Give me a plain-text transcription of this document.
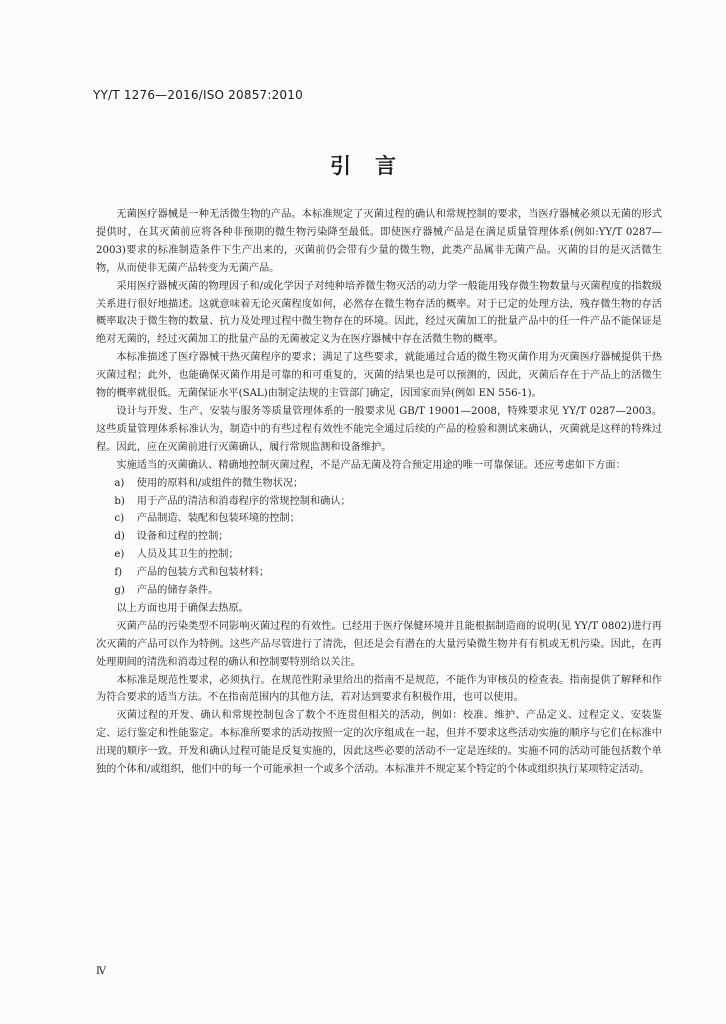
YY/T 1276—2016/ISO 20857:2010
引言

无菌医疗器械是一种无活微生物的产品。本标准规定了灭菌过程的确认和常规控制的要求，当医疗器械必须以无菌的形式提供时，在其灭菌前应将各种非预期的微生物污染降至最低。即使医疗器械产品是在满足质量管理体系(例如:YY/T 0287—2003)要求的标准制造条件下生产出来的，灭菌前仍会带有少量的微生物，此类产品属非无菌产品。灭菌的目的是灭活微生物，从而使非无菌产品转变为无菌产品。

采用医疗器械灭菌的物理因子和/或化学因子对纯种培养微生物灭活的动力学一般能用残存微生物数量与灭菌程度的指数级关系进行很好地描述。这就意味着无论灭菌程度如何，必然存在微生物存活的概率。对于已定的处理方法，残存微生物的存活概率取决于微生物的数量、抗力及处理过程中微生物存在的环境。因此，经过灭菌加工的批量产品中的任一件产品不能保证是绝对无菌的，经过灭菌加工的批量产品的无菌被定义为在医疗器械中存在活微生物的概率。

本标准描述了医疗器械干热灭菌程序的要求；满足了这些要求，就能通过合适的微生物灭菌作用为灭菌医疗器械提供干热灭菌过程；此外，也能确保灭菌作用是可靠的和可重复的，灭菌的结果也是可以预测的，因此，灭菌后存在于产品上的活微生物的概率就很低。无菌保证水平(SAL)由制定法规的主管部门确定，因国家而异(例如 EN 556-1)。

设计与开发、生产、安装与服务等质量管理体系的一般要求见 GB/T 19001—2008，特殊要求见 YY/T 0287—2003。这些质量管理体系标准认为，制造中的有些过程有效性不能完全通过后续的产品的检验和测试来确认，灭菌就是这样的特殊过程。因此，应在灭菌前进行灭菌确认，履行常规监测和设备维护。

实施适当的灭菌确认、精确地控制灭菌过程，不是产品无菌及符合预定用途的唯一可靠保证。还应考虑如下方面：

a)	使用的原料和/或组件的微生物状况；
b)	用于产品的清洁和消毒程序的常规控制和确认；
c)	产品制造、装配和包装环境的控制；
d)	设备和过程的控制；
e)	人员及其卫生的控制；
f)	产品的包装方式和包装材料；
g)	产品的储存条件。

以上方面也用于确保去热原。

灭菌产品的污染类型不同影响灭菌过程的有效性。已经用于医疗保健环境并且能根据制造商的说明(见 YY/T 0802)进行再次灭菌的产品可以作为特例。这些产品尽管进行了清洗，但还是会有潜在的大量污染微生物并有有机或无机污染。因此，在再处理期间的清洗和消毒过程的确认和控制要特别给以关注。

本标准是规范性要求，必须执行。在规范性附录里给出的指南不是规范，不能作为审核员的检查表。指南提供了解释和作为符合要求的适当方法。不在指南范围内的其他方法，若对达到要求有积极作用，也可以使用。

灭菌过程的开发、确认和常规控制包含了数个不连贯但相关的活动，例如：校准、维护、产品定义、过程定义、安装鉴定、运行鉴定和性能鉴定。本标准所要求的活动按照一定的次序组成在一起，但并不要求这些活动实施的顺序与它们在标准中出现的顺序一致。开发和确认过程可能是反复实施的，因此这些必要的活动不一定是连续的。实施不同的活动可能包括数个单独的个体和/或组织，他们中的每一个可能承担一个或多个活动。本标准并不规定某个特定的个体或组织执行某项特定活动。

Ⅳ
